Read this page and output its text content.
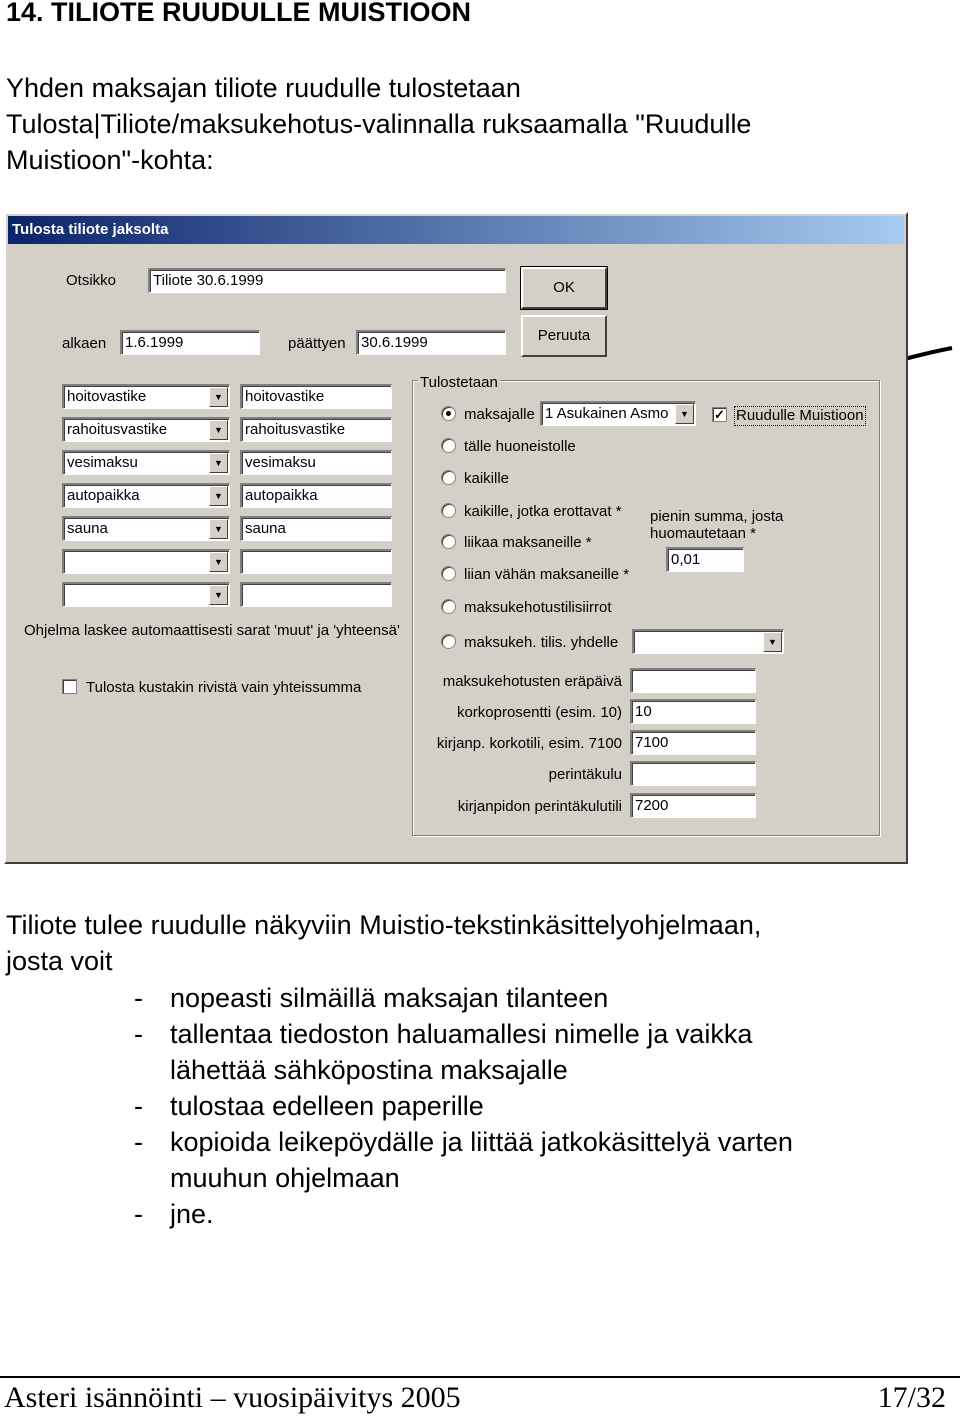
14. TILIOTE RUUDULLE MUISTIOON
Yhden maksajan tiliote ruudulle tulostetaan
Tulosta|Tiliote/maksukehotus-valinnalla ruksaamalla "Ruudulle
Muistioon"-kohta:
Tulosta tiliote jaksolta
Otsikko	Tiliote 30.6.1999
alkaen	1.6.1999	päättyen	30.6.1999
OK
Peruuta
hoitovastike	▼	hoitovastike
rahoitusvastike	▼	rahoitusvastike
vesimaksu	▼	vesimaksu
autopaikka	▼	autopaikka
sauna	▼	sauna
▼
▼
Ohjelma laskee automaattisesti sarat 'muut' ja 'yhteensä'
Tulosta kustakin rivistä vain yhteissumma
Tulostetaan
maksajalle 1 Asukainen Asmo	▼	✓ Ruudulle Muistioon
tälle huoneistolle
kaikille
kaikille, jotka erottavat *
liikaa maksaneille *
liian vähän maksaneille *
maksukehotustilisiirrot
maksukeh. tilis. yhdelle	▼
pienin summa, josta
huomautetaan *
0,01
maksukehotusten eräpäivä
korkoprosentti (esim. 10) 10
kirjanp. korkotili, esim. 7100 7100
perintäkulu
kirjanpidon perintäkulutili 7200
Tiliote tulee ruudulle näkyviin Muistio-tekstinkäsittelyohjelmaan,
josta voit
- nopeasti silmäillä maksajan tilanteen
- tallentaa tiedoston haluamallesi nimelle ja vaikka
lähettää sähköpostina maksajalle
- tulostaa edelleen paperille
- kopioida leikepöydälle ja liittää jatkokäsittelyä varten
muuhun ohjelmaan
- jne.
Asteri isännöinti – vuosipäivitys 2005	17/32
